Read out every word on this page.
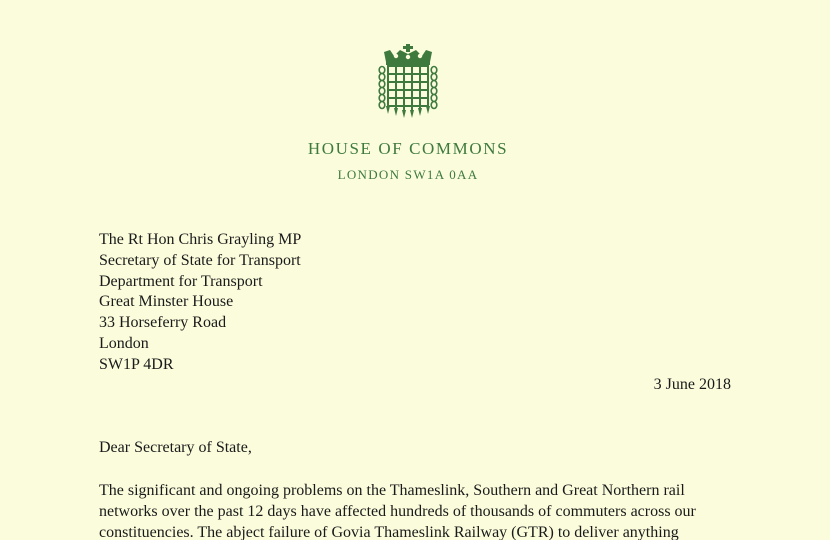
HOUSE OF COMMONS
LONDON SW1A 0AA
The Rt Hon Chris Grayling MP
Secretary of State for Transport
Department for Transport
Great Minster House
33 Horseferry Road
London
SW1P 4DR
3 June 2018
Dear Secretary of State,
The significant and ongoing problems on the Thameslink, Southern and Great Northern rail
networks over the past 12 days have affected hundreds of thousands of commuters across our
constituencies. The abject failure of Govia Thameslink Railway (GTR) to deliver anything
